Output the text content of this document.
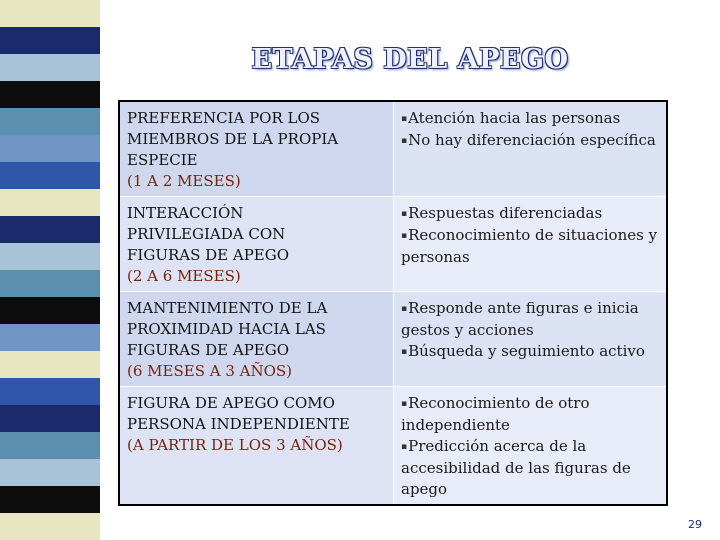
ETAPAS DEL APEGO
PREFERENCIA POR LOS
MIEMBROS DE LA PROPIA
ESPECIE
(1 A 2 MESES)	▪Atención hacia las personas
▪No hay diferenciación específica

INTERACCIÓN
PRIVILEGIADA CON
FIGURAS DE APEGO
(2 A 6 MESES)	▪Respuestas diferenciadas
▪Reconocimiento de situaciones y personas

MANTENIMIENTO DE LA
PROXIMIDAD HACIA LAS
FIGURAS DE APEGO
(6 MESES A 3 AÑOS)	▪Responde ante figuras e inicia gestos y acciones
▪Búsqueda y seguimiento activo

FIGURA DE APEGO COMO
PERSONA INDEPENDIENTE
(A PARTIR DE LOS 3 AÑOS)	▪Reconocimiento de otro independiente
▪Predicción acerca de la accesibilidad de las figuras de apego
29
